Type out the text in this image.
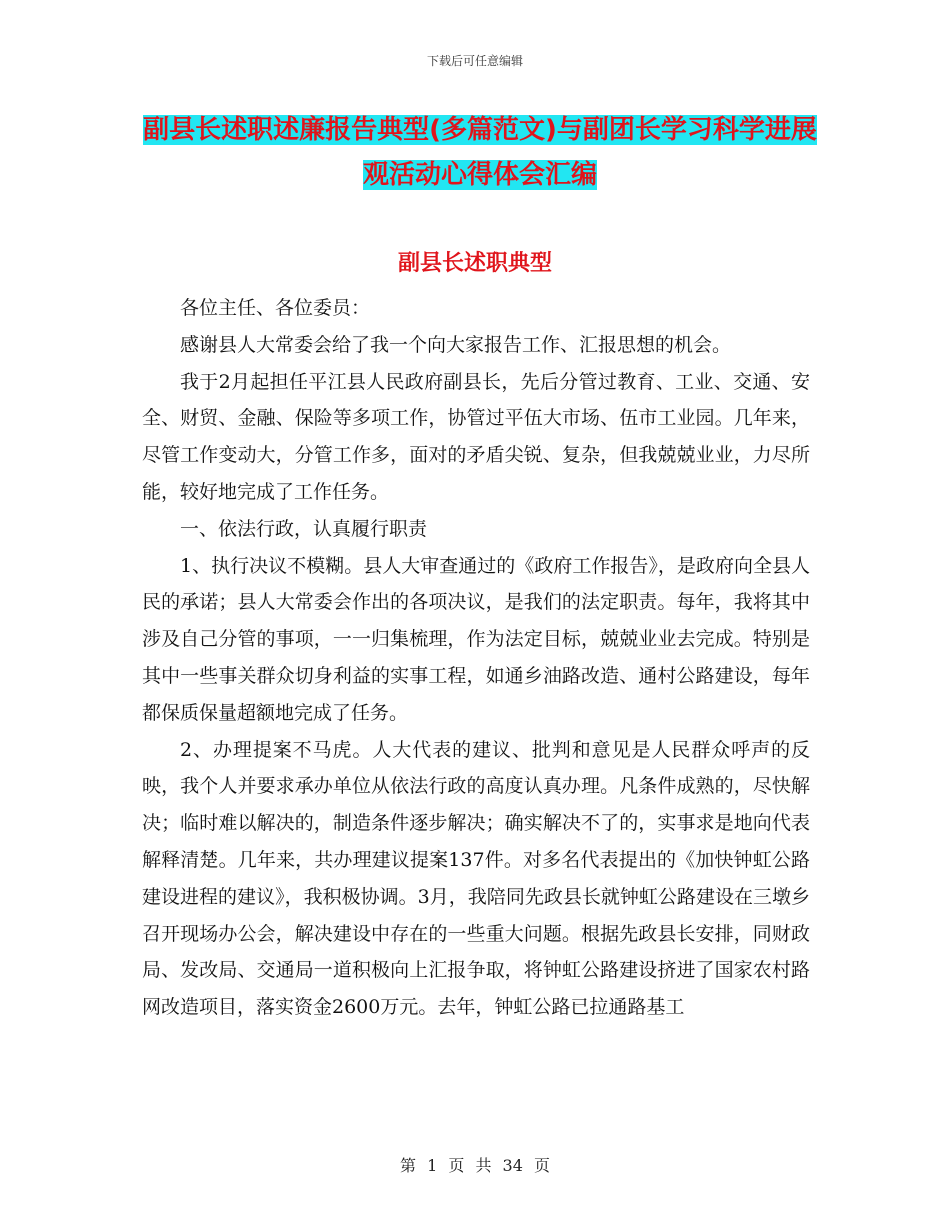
下载后可任意编辑
副县长述职述廉报告典型(多篇范文)与副团长学习科学进展观活动心得体会汇编
副县长述职典型

各位主任、各位委员：

感谢县人大常委会给了我一个向大家报告工作、汇报思想的机会。

我于2月起担任平江县人民政府副县长，先后分管过教育、工业、交通、安全、财贸、金融、保险等多项工作，协管过平伍大市场、伍市工业园。几年来，尽管工作变动大，分管工作多，面对的矛盾尖锐、复杂，但我兢兢业业，力尽所能，较好地完成了工作任务。

一、依法行政，认真履行职责

1、执行决议不模糊。县人大审查通过的《政府工作报告》，是政府向全县人民的承诺；县人大常委会作出的各项决议，是我们的法定职责。每年，我将其中涉及自己分管的事项，一一归集梳理，作为法定目标，兢兢业业去完成。特别是其中一些事关群众切身利益的实事工程，如通乡油路改造、通村公路建设，每年都保质保量超额地完成了任务。

2、办理提案不马虎。人大代表的建议、批判和意见是人民群众呼声的反映，我个人并要求承办单位从依法行政的高度认真办理。凡条件成熟的，尽快解决；临时难以解决的，制造条件逐步解决；确实解决不了的，实事求是地向代表解释清楚。几年来，共办理建议提案137件。对多名代表提出的《加快钟虹公路建设进程的建议》，我积极协调。3月，我陪同先政县长就钟虹公路建设在三墩乡召开现场办公会，解决建设中存在的一些重大问题。根据先政县长安排，同财政局、发改局、交通局一道积极向上汇报争取，将钟虹公路建设挤进了国家农村路网改造项目，落实资金2600万元。去年，钟虹公路已拉通路基工

第 1 页 共 34 页
